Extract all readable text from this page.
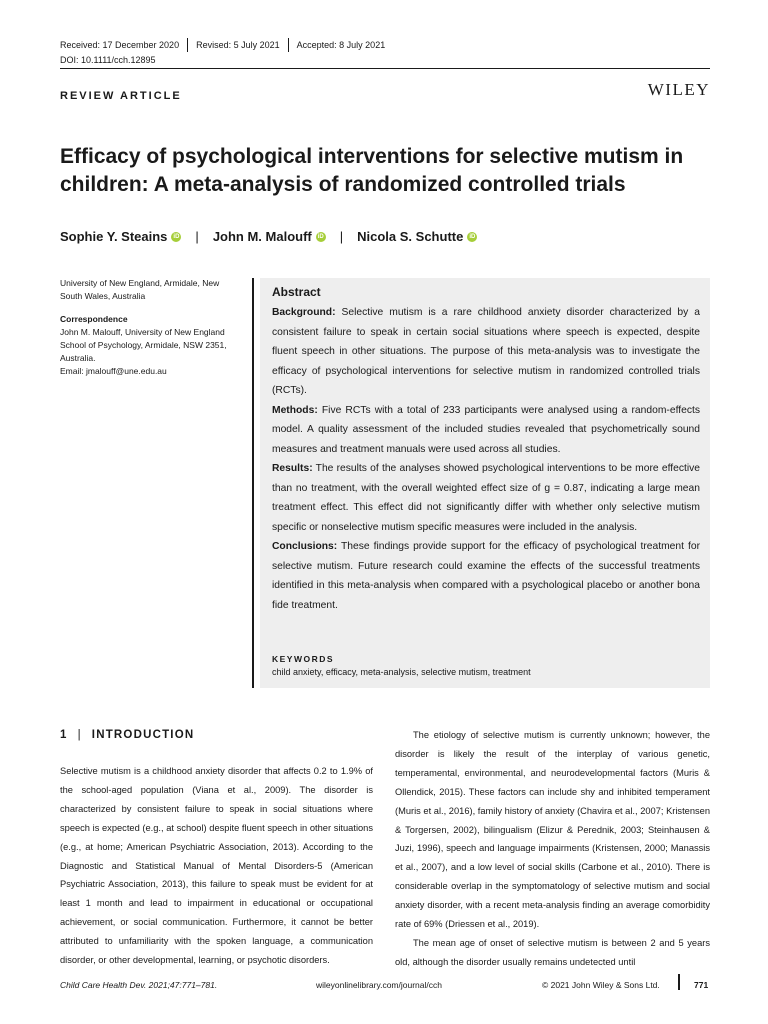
Received: 17 December 2020	Revised: 5 July 2021	Accepted: 8 July 2021
DOI: 10.1111/cch.12895
REVIEW ARTICLE	WILEY
Efficacy of psychological interventions for selective mutism in children: A meta-analysis of randomized controlled trials
Sophie Y. Steains	iD | John M. Malouff	iD | Nicola S. Schutte	iD
University of New England, Armidale, New South Wales, Australia
Correspondence
John M. Malouff, University of New England School of Psychology, Armidale, NSW 2351, Australia.
Email: jmalouff@une.edu.au
Abstract

Background: Selective mutism is a rare childhood anxiety disorder characterized by a consistent failure to speak in certain social situations where speech is expected, despite fluent speech in other situations. The purpose of this meta-analysis was to investigate the efficacy of psychological interventions for selective mutism in randomized controlled trials (RCTs).

Methods: Five RCTs with a total of 233 participants were analysed using a random-effects model. A quality assessment of the included studies revealed that psychometrically sound measures and treatment manuals were used across all studies.

Results: The results of the analyses showed psychological interventions to be more effective than no treatment, with the overall weighted effect size of g = 0.87, indicating a large mean treatment effect. This effect did not significantly differ with whether only selective mutism specific or nonselective mutism specific measures were included in the analysis.

Conclusions: These findings provide support for the efficacy of psychological treatment for selective mutism. Future research could examine the effects of the successful treatments identified in this meta-analysis when compared with a psychological placebo or another bona fide treatment.

KEYWORDS
child anxiety, efficacy, meta-analysis, selective mutism, treatment
1 | INTRODUCTION

Selective mutism is a childhood anxiety disorder that affects 0.2 to 1.9% of the school-aged population (Viana et al., 2009). The disorder is characterized by consistent failure to speak in social situations where speech is expected (e.g., at school) despite fluent speech in other situations (e.g., at home; American Psychiatric Association, 2013). According to the Diagnostic and Statistical Manual of Mental Disorders-5 (American Psychiatric Association, 2013), this failure to speak must be evident for at least 1 month and lead to impairment in educational or occupational achievement, or social communication. Furthermore, it cannot be better attributed to unfamiliarity with the spoken language, a communication disorder, or other developmental, learning, or psychotic disorders.

The etiology of selective mutism is currently unknown; however, the disorder is likely the result of the interplay of various genetic, temperamental, environmental, and neurodevelopmental factors (Muris & Ollendick, 2015). These factors can include shy and inhibited temperament (Muris et al., 2016), family history of anxiety (Chavira et al., 2007; Kristensen & Torgersen, 2002), bilingualism (Elizur & Perednik, 2003; Steinhausen & Juzi, 1996), speech and language impairments (Kristensen, 2000; Manassis et al., 2007), and a low level of social skills (Carbone et al., 2010). There is considerable overlap in the symptomatology of selective mutism and social anxiety disorder, with a recent meta-analysis finding an average comorbidity rate of 69% (Driessen et al., 2019).

The mean age of onset of selective mutism is between 2 and 5 years old, although the disorder usually remains undetected until

Child Care Health Dev. 2021;47:771–781.	wileyonlinelibrary.com/journal/cch	© 2021 John Wiley & Sons Ltd.	771
